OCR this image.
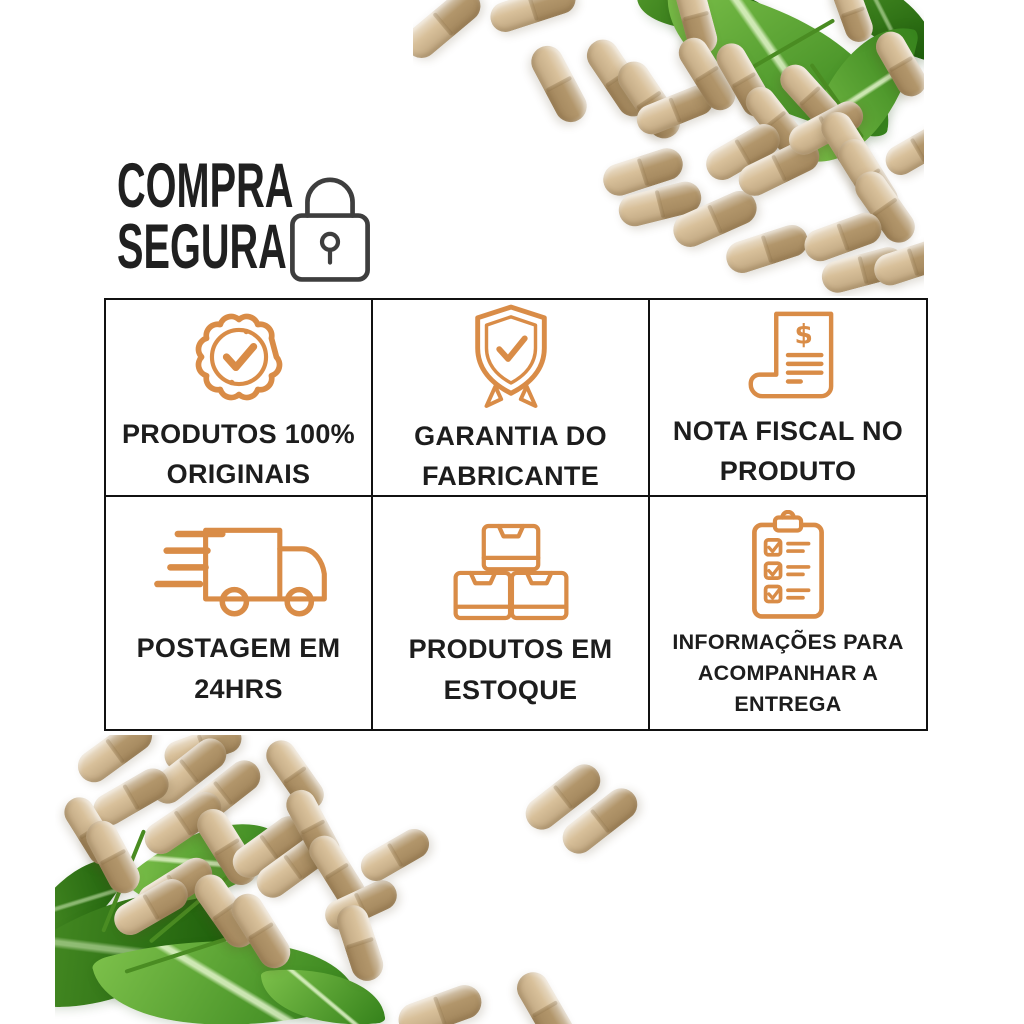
COMPRA
SEGURA
PRODUTOS 100% ORIGINAIS
GARANTIA DO FABRICANTE
$
NOTA FISCAL NO PRODUTO
POSTAGEM EM 24HRS
PRODUTOS EM ESTOQUE
INFORMAÇÕES PARA ACOMPANHAR A ENTREGA
